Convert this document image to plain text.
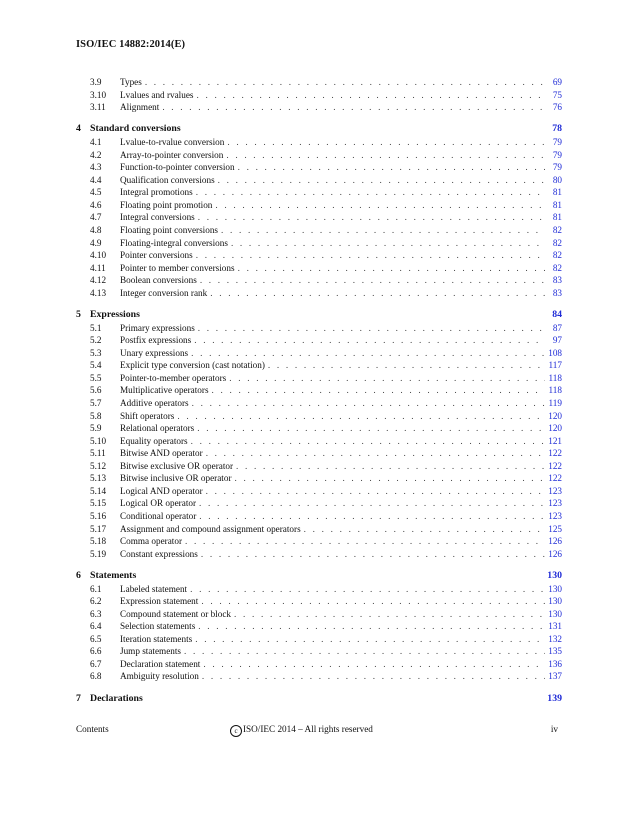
ISO/IEC 14882:2014(E)
3.9	Types . . .	69
3.10	Lvalues and rvalues . . .	75
3.11	Alignment . . .	76
4 Standard conversions	78
4.1	Lvalue-to-rvalue conversion . . .	79
4.2	Array-to-pointer conversion . . .	79
4.3	Function-to-pointer conversion . . .	79
4.4	Qualification conversions . . .	80
4.5	Integral promotions . . .	81
4.6	Floating point promotion . . .	81
4.7	Integral conversions . . .	81
4.8	Floating point conversions . . .	82
4.9	Floating-integral conversions . . .	82
4.10	Pointer conversions . . .	82
4.11	Pointer to member conversions . . .	82
4.12	Boolean conversions . . .	83
4.13	Integer conversion rank . . .	83
5 Expressions	84
5.1	Primary expressions . . .	87
5.2	Postfix expressions . . .	97
5.3	Unary expressions . . .	108
5.4	Explicit type conversion (cast notation) . . .	117
5.5	Pointer-to-member operators . . .	118
5.6	Multiplicative operators . . .	118
5.7	Additive operators . . .	119
5.8	Shift operators . . .	120
5.9	Relational operators . . .	120
5.10	Equality operators . . .	121
5.11	Bitwise AND operator . . .	122
5.12	Bitwise exclusive OR operator . . .	122
5.13	Bitwise inclusive OR operator . . .	122
5.14	Logical AND operator . . .	123
5.15	Logical OR operator . . .	123
5.16	Conditional operator . . .	123
5.17	Assignment and compound assignment operators . . .	125
5.18	Comma operator . . .	126
5.19	Constant expressions . . .	126
6 Statements	130
6.1	Labeled statement . . .	130
6.2	Expression statement . . .	130
6.3	Compound statement or block . . .	130
6.4	Selection statements . . .	131
6.5	Iteration statements . . .	132
6.6	Jump statements . . .	135
6.7	Declaration statement . . .	136
6.8	Ambiguity resolution . . .	137
7 Declarations	139
Contents	c ISO/IEC 2014 – All rights reserved	iv
